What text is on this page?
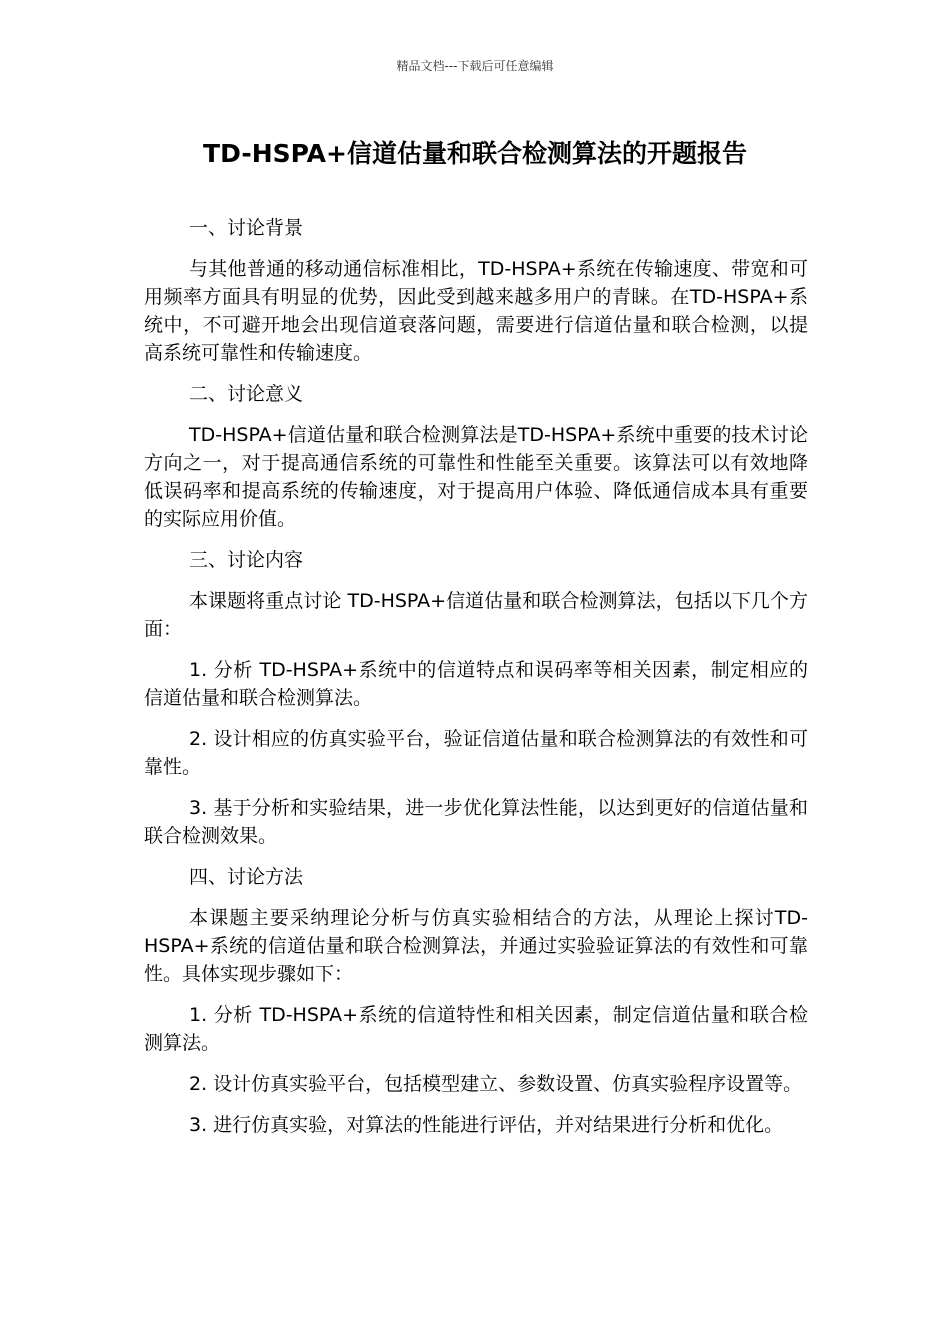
精品文档---下载后可任意编辑
TD-HSPA+信道估量和联合检测算法的开题报告

一、讨论背景

与其他普通的移动通信标准相比，TD-HSPA+系统在传输速度、带宽和可用频率方面具有明显的优势，因此受到越来越多用户的青睐。在TD-HSPA+系统中，不可避开地会出现信道衰落问题，需要进行信道估量和联合检测，以提高系统可靠性和传输速度。

二、讨论意义

TD-HSPA+信道估量和联合检测算法是TD-HSPA+系统中重要的技术讨论方向之一，对于提高通信系统的可靠性和性能至关重要。该算法可以有效地降低误码率和提高系统的传输速度，对于提高用户体验、降低通信成本具有重要的实际应用价值。

三、讨论内容

本课题将重点讨论 TD-HSPA+信道估量和联合检测算法，包括以下几个方面：

1. 分析 TD-HSPA+系统中的信道特点和误码率等相关因素，制定相应的信道估量和联合检测算法。

2. 设计相应的仿真实验平台，验证信道估量和联合检测算法的有效性和可靠性。

3. 基于分析和实验结果，进一步优化算法性能，以达到更好的信道估量和联合检测效果。

四、讨论方法

本课题主要采纳理论分析与仿真实验相结合的方法，从理论上探讨TD-HSPA+系统的信道估量和联合检测算法，并通过实验验证算法的有效性和可靠性。具体实现步骤如下：

1. 分析 TD-HSPA+系统的信道特性和相关因素，制定信道估量和联合检测算法。

2. 设计仿真实验平台，包括模型建立、参数设置、仿真实验程序设置等。

3. 进行仿真实验，对算法的性能进行评估，并对结果进行分析和优化。
